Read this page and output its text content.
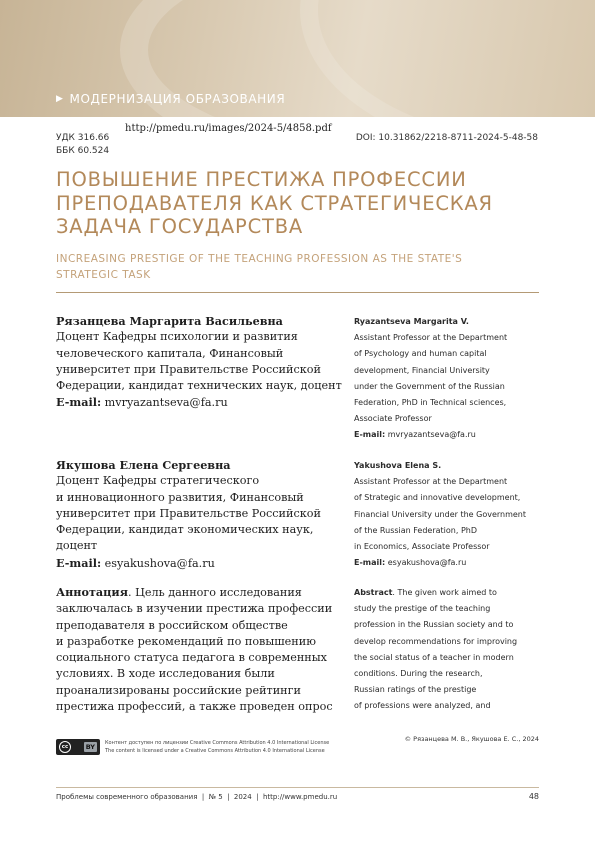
▶ МОДЕРНИЗАЦИЯ ОБРАЗОВАНИЯ
УДК 316.66
ББК 60.524
http://pmedu.ru/images/2024-5/4858.pdf
DOI: 10.31862/2218-8711-2024-5-48-58
ПОВЫШЕНИЕ ПРЕСТИЖА ПРОФЕССИИ
ПРЕПОДАВАТЕЛЯ КАК СТРАТЕГИЧЕСКАЯ
ЗАДАЧА ГОСУДАРСТВА
INCREASING PRESTIGE OF THE TEACHING PROFESSION AS THE STATE'S
STRATEGIC TASK
Рязанцева Маргарита Васильевна
Доцент Кафедры психологии и развития
человеческого капитала, Финансовый
университет при Правительстве Российской
Федерации, кандидат технических наук, доцент
E-mail: mvryazantseva@fa.ru
Ryazantseva Margarita V.
Assistant Professor at the Department
of Psychology and human capital
development, Financial University
under the Government of the Russian
Federation, PhD in Technical sciences,
Associate Professor
E-mail: mvryazantseva@fa.ru
Якушова Елена Сергеевна
Доцент Кафедры стратегического
и инновационного развития, Финансовый
университет при Правительстве Российской
Федерации, кандидат экономических наук,
доцент
E-mail: esyakushova@fa.ru
Yakushova Elena S.
Assistant Professor at the Department
of Strategic and innovative development,
Financial University under the Government
of the Russian Federation, PhD
in Economics, Associate Professor
E-mail: esyakushova@fa.ru
Аннотация. Цель данного исследования
заключалась в изучении престижа профессии
преподавателя в российском обществе
и разработке рекомендаций по повышению
социального статуса педагога в современных
условиях. В ходе исследования были
проанализированы российские рейтинги
престижа профессий, а также проведен опрос
Abstract. The given work aimed to
study the prestige of the teaching
profession in the Russian society and to
develop recommendations for improving
the social status of a teacher in modern
conditions. During the research,
Russian ratings of the prestige
of professions were analyzed, and
cc	BY	Контент доступен по лицензии Creative Commons Attribution 4.0 International License
The content is licensed under a Creative Commons Attribution 4.0 International License
© Рязанцева М. В., Якушова Е. С., 2024
Проблемы современного образования  |  № 5  |  2024  |  http://www.pmedu.ru	48
